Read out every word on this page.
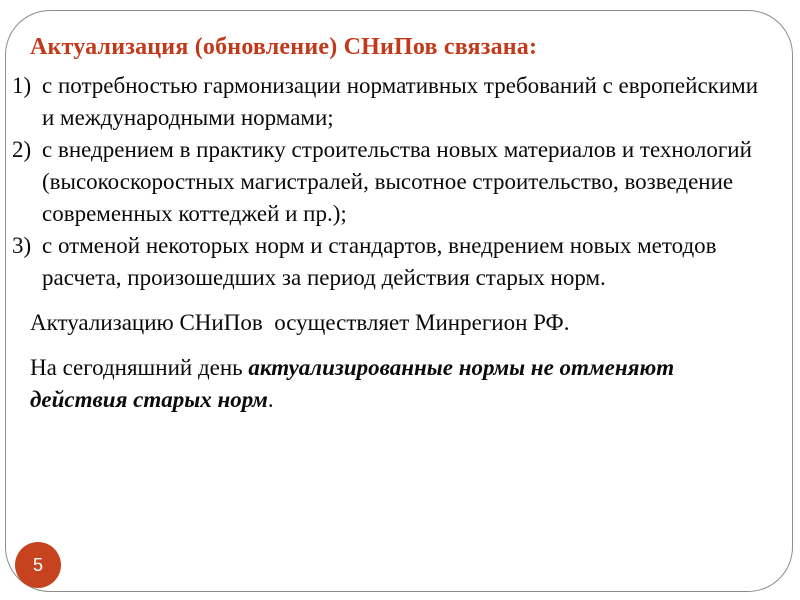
Актуализация (обновление) СНиПов связана:
1) с потребностью гармонизации нормативных требований с европейскими и международными нормами;
2) с внедрением в практику строительства новых материалов и технологий (высокоскоростных магистралей, высотное строительство, возведение современных коттеджей и пр.);
3) с отменой некоторых норм и стандартов, внедрением новых методов расчета, произошедших за период действия старых норм.

Актуализацию СНиПов  осуществляет Минрегион РФ.

На сегодняшний день актуализированные нормы не отменяют действия старых норм.

5
